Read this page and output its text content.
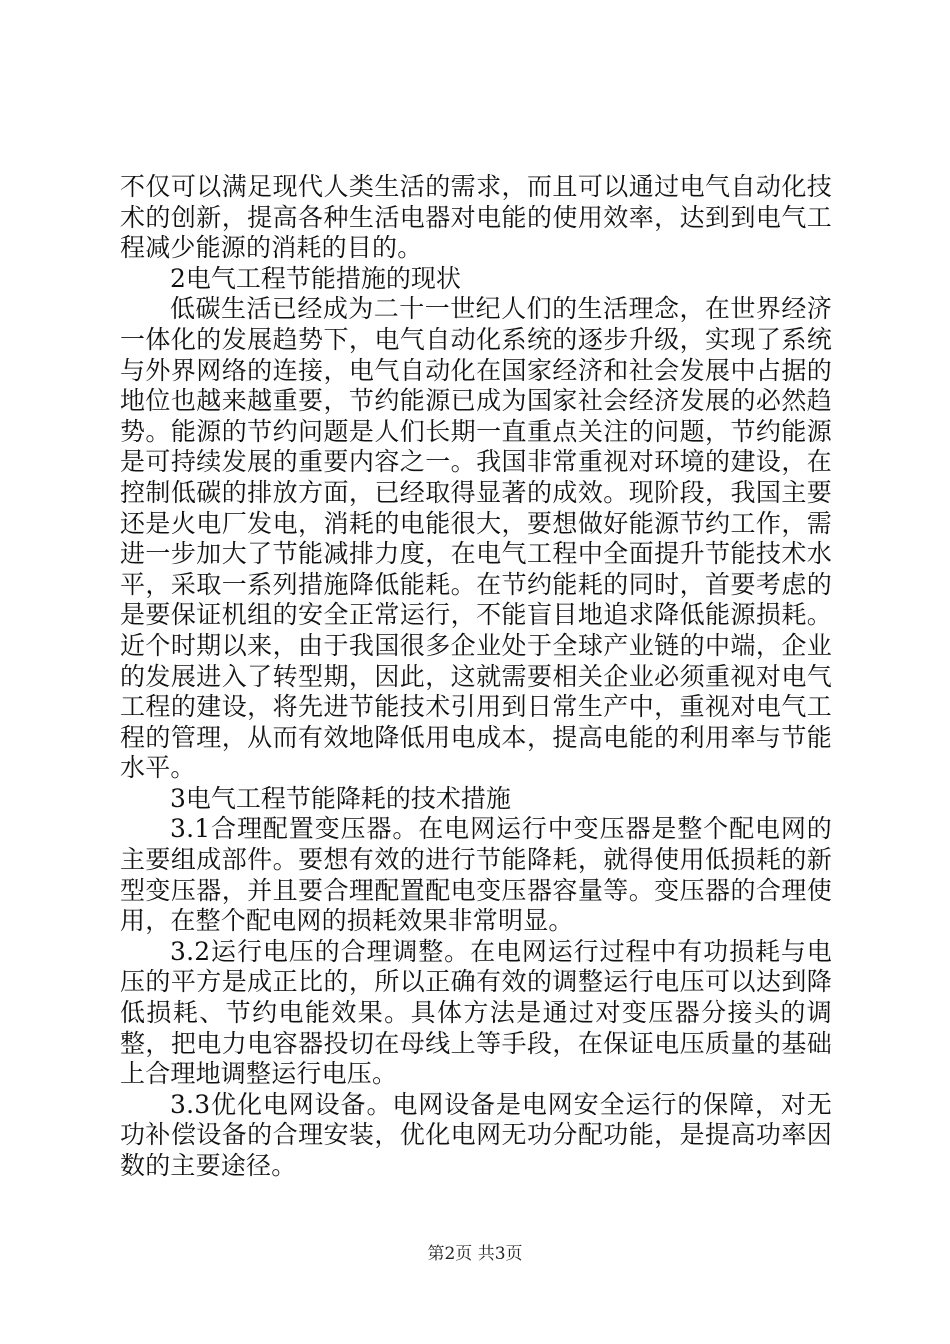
不仅可以满足现代人类生活的需求，而且可以通过电气自动化技术的创新，提高各种生活电器对电能的使用效率，达到到电气工程减少能源的消耗的目的。

2电气工程节能措施的现状

低碳生活已经成为二十一世纪人们的生活理念，在世界经济一体化的发展趋势下，电气自动化系统的逐步升级，实现了系统与外界网络的连接，电气自动化在国家经济和社会发展中占据的地位也越来越重要，节约能源已成为国家社会经济发展的必然趋势。能源的节约问题是人们长期一直重点关注的问题，节约能源是可持续发展的重要内容之一。我国非常重视对环境的建设，在控制低碳的排放方面，已经取得显著的成效。现阶段，我国主要还是火电厂发电，消耗的电能很大，要想做好能源节约工作，需进一步加大了节能减排力度，在电气工程中全面提升节能技术水平，采取一系列措施降低能耗。在节约能耗的同时，首要考虑的是要保证机组的安全正常运行，不能盲目地追求降低能源损耗。近个时期以来，由于我国很多企业处于全球产业链的中端，企业的发展进入了转型期，因此，这就需要相关企业必须重视对电气工程的建设，将先进节能技术引用到日常生产中，重视对电气工程的管理，从而有效地降低用电成本，提高电能的利用率与节能水平。

3电气工程节能降耗的技术措施

3.1合理配置变压器。在电网运行中变压器是整个配电网的主要组成部件。要想有效的进行节能降耗，就得使用低损耗的新型变压器，并且要合理配置配电变压器容量等。变压器的合理使用，在整个配电网的损耗效果非常明显。

3.2运行电压的合理调整。在电网运行过程中有功损耗与电压的平方是成正比的，所以正确有效的调整运行电压可以达到降低损耗、节约电能效果。具体方法是通过对变压器分接头的调整，把电力电容器投切在母线上等手段，在保证电压质量的基础上合理地调整运行电压。

3.3优化电网设备。电网设备是电网安全运行的保障，对无功补偿设备的合理安装，优化电网无功分配功能，是提高功率因数的主要途径。

第2页 共3页
